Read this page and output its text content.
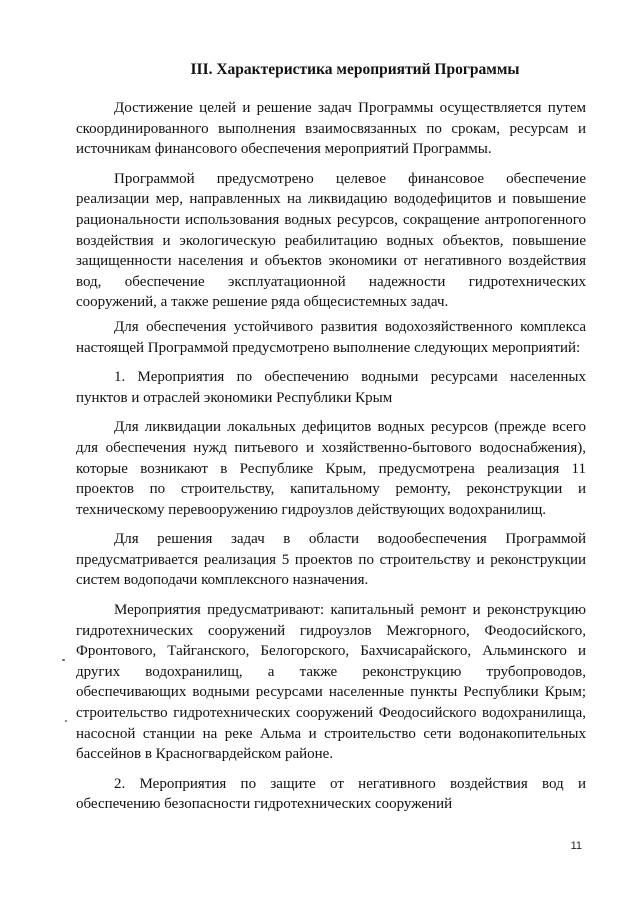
III. Характеристика мероприятий Программы

Достижение целей и решение задач Программы осуществляется путем скоординированного выполнения взаимосвязанных по срокам, ресурсам и источникам финансового обеспечения мероприятий Программы.

Программой предусмотрено целевое финансовое обеспечение реализации мер, направленных на ликвидацию вододефицитов и повышение рациональности использования водных ресурсов, сокращение антропогенного воздействия и экологическую реабилитацию водных объектов, повышение защищенности населения и объектов экономики от негативного воздействия вод, обеспечение эксплуатационной надежности гидротехнических сооружений, а также решение ряда общесистемных задач.

Для обеспечения устойчивого развития водохозяйственного комплекса настоящей Программой предусмотрено выполнение следующих мероприятий:

1. Мероприятия по обеспечению водными ресурсами населенных пунктов и отраслей экономики Республики Крым

Для ликвидации локальных дефицитов водных ресурсов (прежде всего для обеспечения нужд питьевого и хозяйственно-бытового водоснабжения), которые возникают в Республике Крым, предусмотрена реализация 11 проектов по строительству, капитальному ремонту, реконструкции и техническому перевооружению гидроузлов действующих водохранилищ.

Для решения задач в области водообеспечения Программой предусматривается реализация 5 проектов по строительству и реконструкции систем водоподачи комплексного назначения.

Мероприятия предусматривают: капитальный ремонт и реконструкцию гидротехнических сооружений гидроузлов Межгорного, Феодосийского, Фронтового, Тайганского, Белогорского, Бахчисарайского, Альминского и других водохранилищ, а также реконструкцию трубопроводов, обеспечивающих водными ресурсами населенные пункты Республики Крым; строительство гидротехнических сооружений Феодосийского водохранилища, насосной станции на реке Альма и строительство сети водонакопительных бассейнов в Красногвардейском районе.

2. Мероприятия по защите от негативного воздействия вод и обеспечению безопасности гидротехнических сооружений

11
